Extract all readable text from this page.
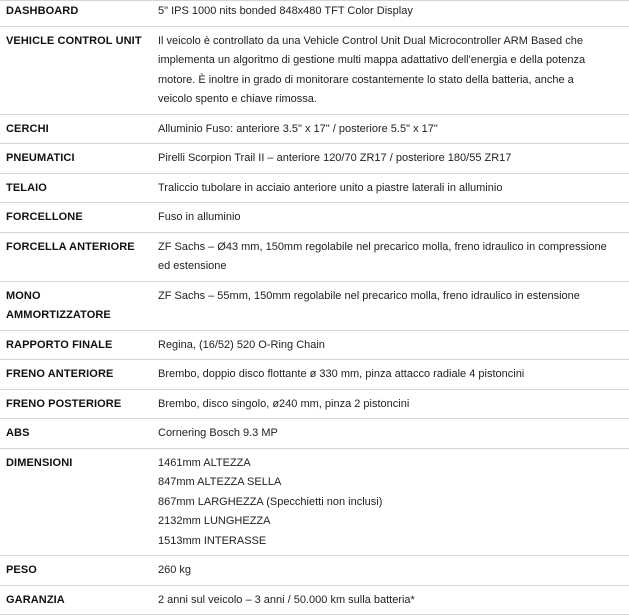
DASHBOARD	5" IPS 1000 nits bonded 848x480 TFT Color Display

VEHICLE CONTROL UNIT	Il veicolo è controllato da una Vehicle Control Unit Dual Microcontroller ARM Based che
implementa un algoritmo di gestione multi mappa adattativo dell'energia e della potenza
motore. È inoltre in grado di monitorare costantemente lo stato della batteria, anche a
veicolo spento e chiave rimossa.

CERCHI	Alluminio Fuso: anteriore 3.5" x 17" / posteriore 5.5" x 17"

PNEUMATICI	Pirelli Scorpion Trail II – anteriore 120/70 ZR17 / posteriore 180/55 ZR17

TELAIO	Traliccio tubolare in acciaio anteriore unito a piastre laterali in alluminio

FORCELLONE	Fuso in alluminio

FORCELLA ANTERIORE	ZF Sachs – Ø43 mm, 150mm regolabile nel precarico molla, freno idraulico in compressione
ed estensione

MONO
AMMORTIZZATORE	ZF Sachs – 55mm, 150mm regolabile nel precarico molla, freno idraulico in estensione

RAPPORTO FINALE	Regina, (16/52) 520 O-Ring Chain

FRENO ANTERIORE	Brembo, doppio disco flottante ø 330 mm, pinza attacco radiale 4 pistoncini

FRENO POSTERIORE	Brembo, disco singolo, ø240 mm, pinza 2 pistoncini

ABS	Cornering Bosch 9.3 MP

DIMENSIONI	1461mm ALTEZZA
847mm ALTEZZA SELLA
867mm LARGHEZZA (Specchietti non inclusi)
2132mm LUNGHEZZA
1513mm INTERASSE

PESO	260 kg

GARANZIA	2 anni sul veicolo – 3 anni / 50.000 km sulla batteria*
